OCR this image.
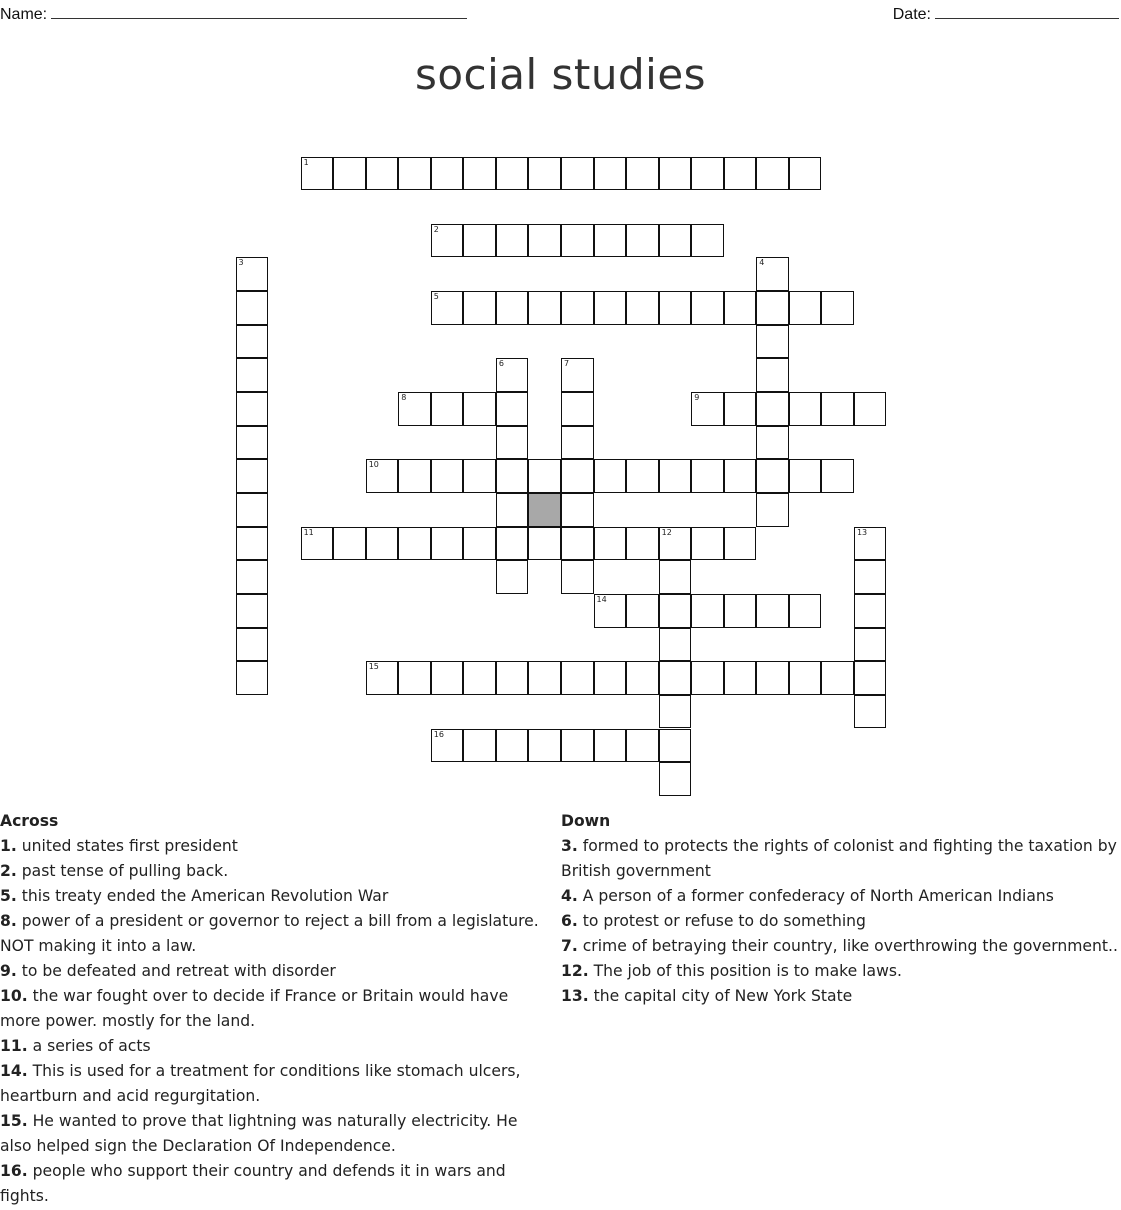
Name:	Date:
social studies
1
2
3	4
5
6	7
8	9
10
11	12	13
14
15
16
Across

1. united states first president

2. past tense of pulling back.

5. this treaty ended the American Revolution War

8. power of a president or governor to reject a bill from a legislature. NOT making it into a law.

9. to be defeated and retreat with disorder

10. the war fought over to decide if France or Britain would have more power. mostly for the land.

11. a series of acts

14. This is used for a treatment for conditions like stomach ulcers, heartburn and acid regurgitation.

15. He wanted to prove that lightning was naturally electricity. He also helped sign the Declaration Of Independence.

16. people who support their country and defends it in wars and fights.

Down

3. formed to protects the rights of colonist and fighting the taxation by British government

4. A person of a former confederacy of North American Indians

6. to protest or refuse to do something

7. crime of betraying their country, like overthrowing the government..

12. The job of this position is to make laws.

13. the capital city of New York State
